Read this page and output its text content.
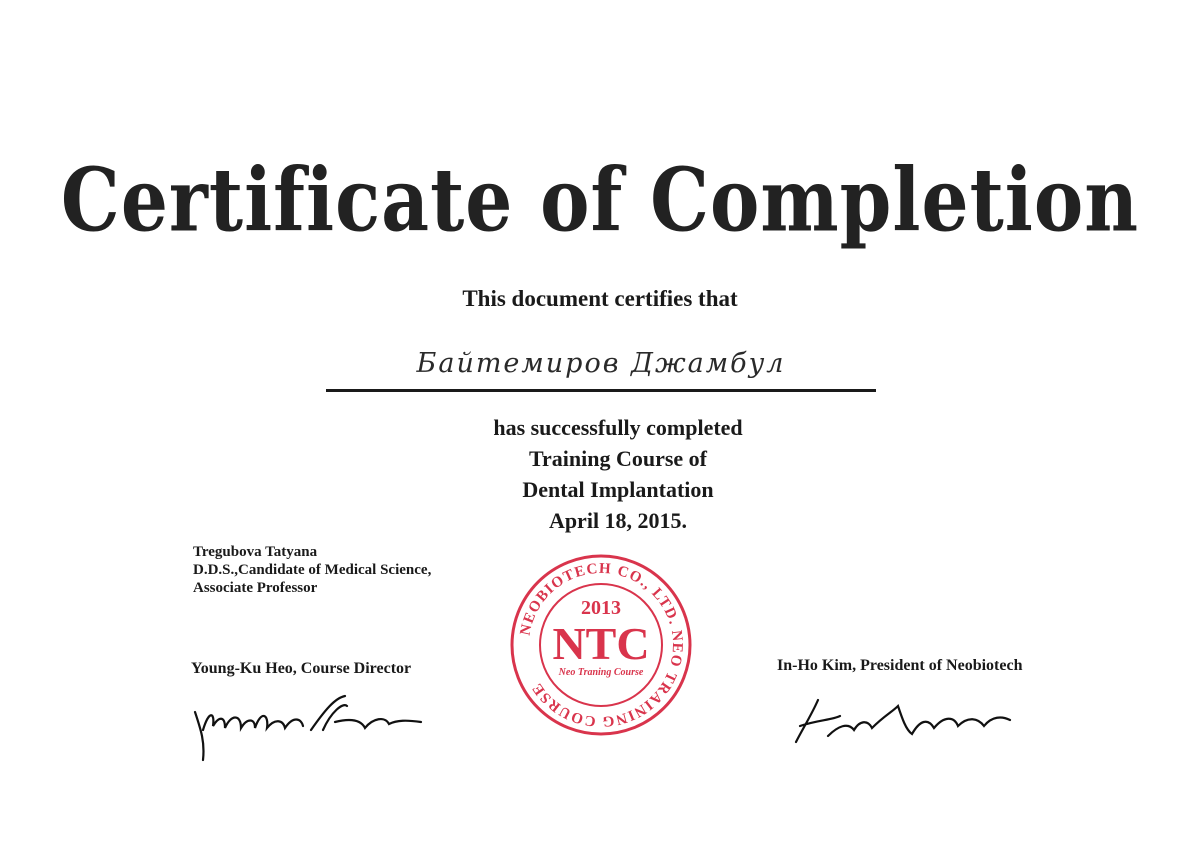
Certificate of Completion
This document certifies that
Байтемиров Джамбул
has successfully completed
Training Course of
Dental Implantation
April 18, 2015.
Tregubova Tatyana
D.D.S.,Candidate of Medical Science,
Associate Professor
Young-Ku Heo, Course Director	In-Ho Kim, President of Neobiotech
NEOBIOTECH CO., LTD. NEO TRAINING COURSE
2013
NTC
Neo Traning Course
